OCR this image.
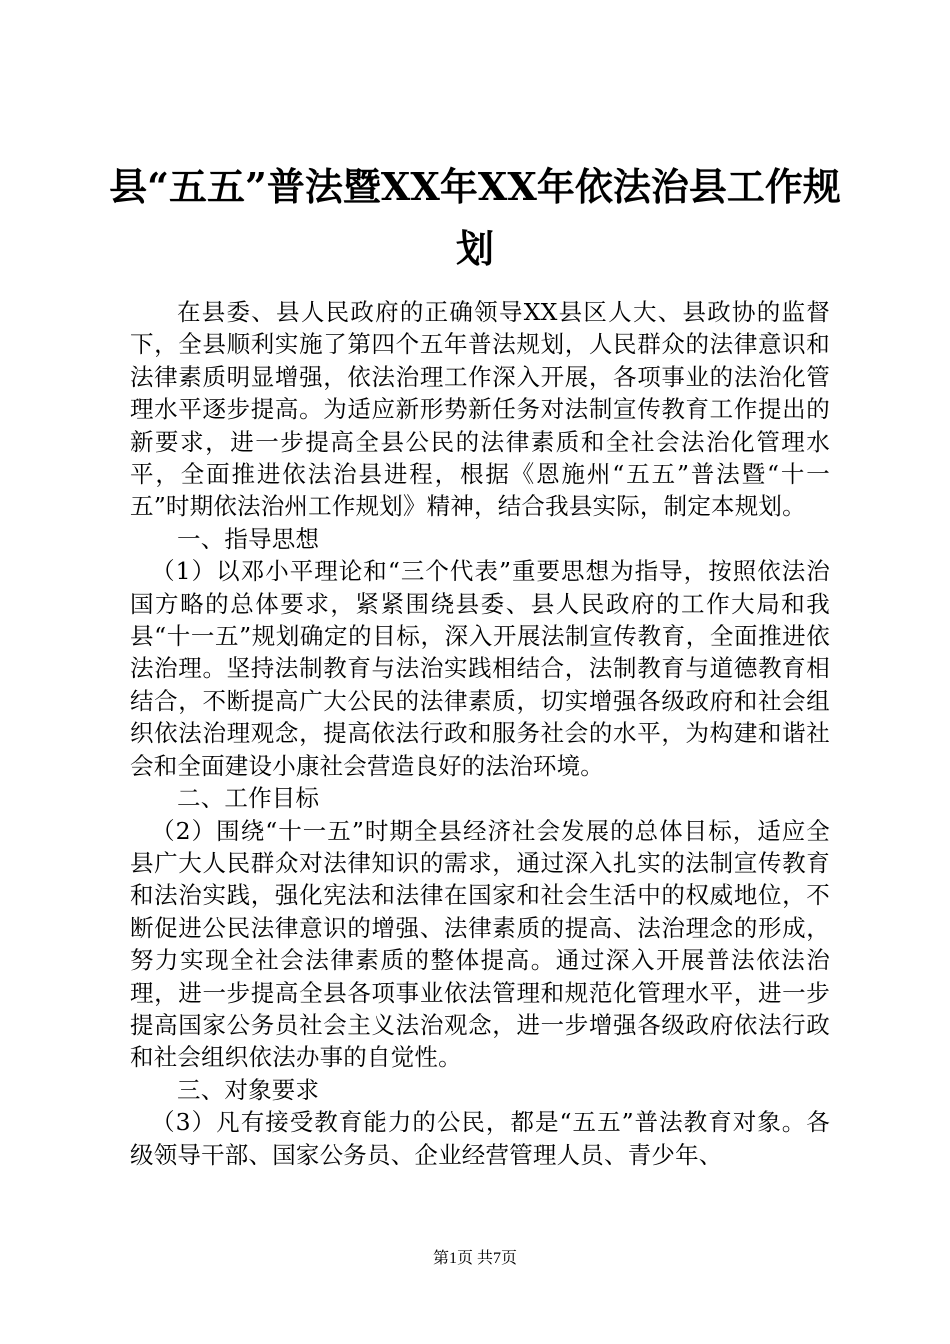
县“五五”普法暨XX年XX年依法治县工作规划

在县委、县人民政府的正确领导XX县区人大、县政协的监督下，全县顺利实施了第四个五年普法规划，人民群众的法律意识和法律素质明显增强，依法治理工作深入开展，各项事业的法治化管理水平逐步提高。为适应新形势新任务对法制宣传教育工作提出的新要求，进一步提高全县公民的法律素质和全社会法治化管理水平，全面推进依法治县进程，根据《恩施州“五五”普法暨“十一五”时期依法治州工作规划》精神，结合我县实际，制定本规划。

一、指导思想

（1）以邓小平理论和“三个代表”重要思想为指导，按照依法治国方略的总体要求，紧紧围绕县委、县人民政府的工作大局和我县“十一五”规划确定的目标，深入开展法制宣传教育，全面推进依法治理。坚持法制教育与法治实践相结合，法制教育与道德教育相结合，不断提高广大公民的法律素质，切实增强各级政府和社会组织依法治理观念，提高依法行政和服务社会的水平，为构建和谐社会和全面建设小康社会营造良好的法治环境。

二、工作目标

（2）围绕“十一五”时期全县经济社会发展的总体目标，适应全县广大人民群众对法律知识的需求，通过深入扎实的法制宣传教育和法治实践，强化宪法和法律在国家和社会生活中的权威地位，不断促进公民法律意识的增强、法律素质的提高、法治理念的形成，努力实现全社会法律素质的整体提高。通过深入开展普法依法治理，进一步提高全县各项事业依法管理和规范化管理水平，进一步提高国家公务员社会主义法治观念，进一步增强各级政府依法行政和社会组织依法办事的自觉性。

三、对象要求

（3）凡有接受教育能力的公民，都是“五五”普法教育对象。各级领导干部、国家公务员、企业经营管理人员、青少年、

第1页 共7页
